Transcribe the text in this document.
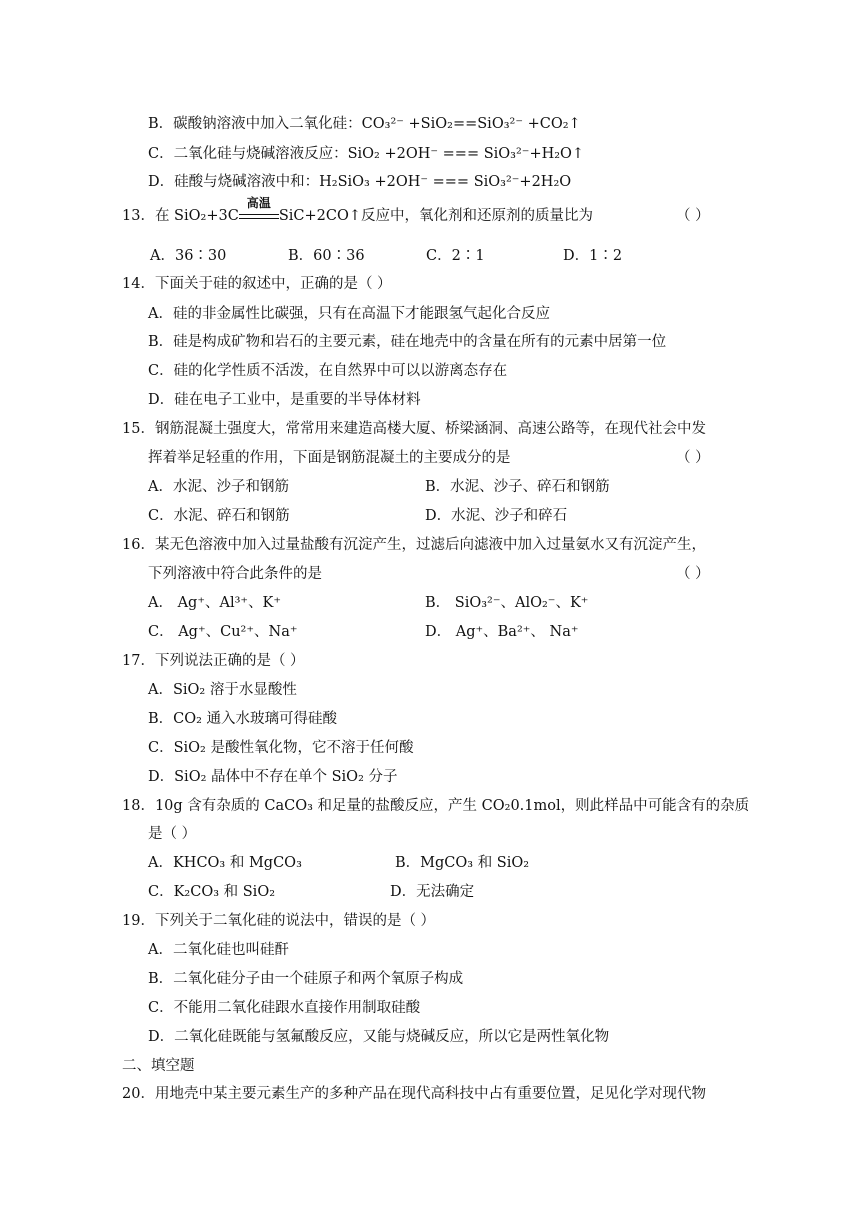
B．碳酸钠溶液中加入二氧化硅：CO₃²⁻ +SiO₂==SiO₃²⁻ +CO₂↑
C．二氧化硅与烧碱溶液反应：SiO₂ +2OH⁻ === SiO₃²⁻+H₂O↑
D．硅酸与烧碱溶液中和：H₂SiO₃ +2OH⁻ === SiO₃²⁻+2H₂O
13．在 SiO₂+3C
高温
SiC+2CO↑反应中，氧化剂和还原剂的质量比为	（ ）
A．36∶30	B．60∶36	C．2∶1	D．1∶2
14．下面关于硅的叙述中，正确的是（ ）
A．硅的非金属性比碳强，只有在高温下才能跟氢气起化合反应
B．硅是构成矿物和岩石的主要元素，硅在地壳中的含量在所有的元素中居第一位
C．硅的化学性质不活泼，在自然界中可以以游离态存在
D．硅在电子工业中，是重要的半导体材料
15．钢筋混凝土强度大，常常用来建造高楼大厦、桥梁涵洞、高速公路等，在现代社会中发
挥着举足轻重的作用，下面是钢筋混凝土的主要成分的是	（ ）
A．水泥、沙子和钢筋	B．水泥、沙子、碎石和钢筋
C．水泥、碎石和钢筋	D．水泥、沙子和碎石
16．某无色溶液中加入过量盐酸有沉淀产生，过滤后向滤液中加入过量氨水又有沉淀产生，
下列溶液中符合此条件的是	（ ）
A． Ag⁺、Al³⁺、K⁺	B． SiO₃²⁻、AlO₂⁻、K⁺
C． Ag⁺、Cu²⁺、Na⁺	D． Ag⁺、Ba²⁺、 Na⁺
17．下列说法正确的是（ ）
A．SiO₂ 溶于水显酸性
B．CO₂ 通入水玻璃可得硅酸
C．SiO₂ 是酸性氧化物，它不溶于任何酸
D．SiO₂ 晶体中不存在单个 SiO₂ 分子
18．10g 含有杂质的 CaCO₃ 和足量的盐酸反应，产生 CO₂0.1mol，则此样品中可能含有的杂质
是（ ）
A．KHCO₃ 和 MgCO₃	B．MgCO₃ 和 SiO₂
C．K₂CO₃ 和 SiO₂	D．无法确定
19．下列关于二氧化硅的说法中，错误的是（ ）
A．二氧化硅也叫硅酐
B．二氧化硅分子由一个硅原子和两个氧原子构成
C．不能用二氧化硅跟水直接作用制取硅酸
D．二氧化硅既能与氢氟酸反应，又能与烧碱反应，所以它是两性氧化物
二、填空题
20．用地壳中某主要元素生产的多种产品在现代高科技中占有重要位置，足见化学对现代物
